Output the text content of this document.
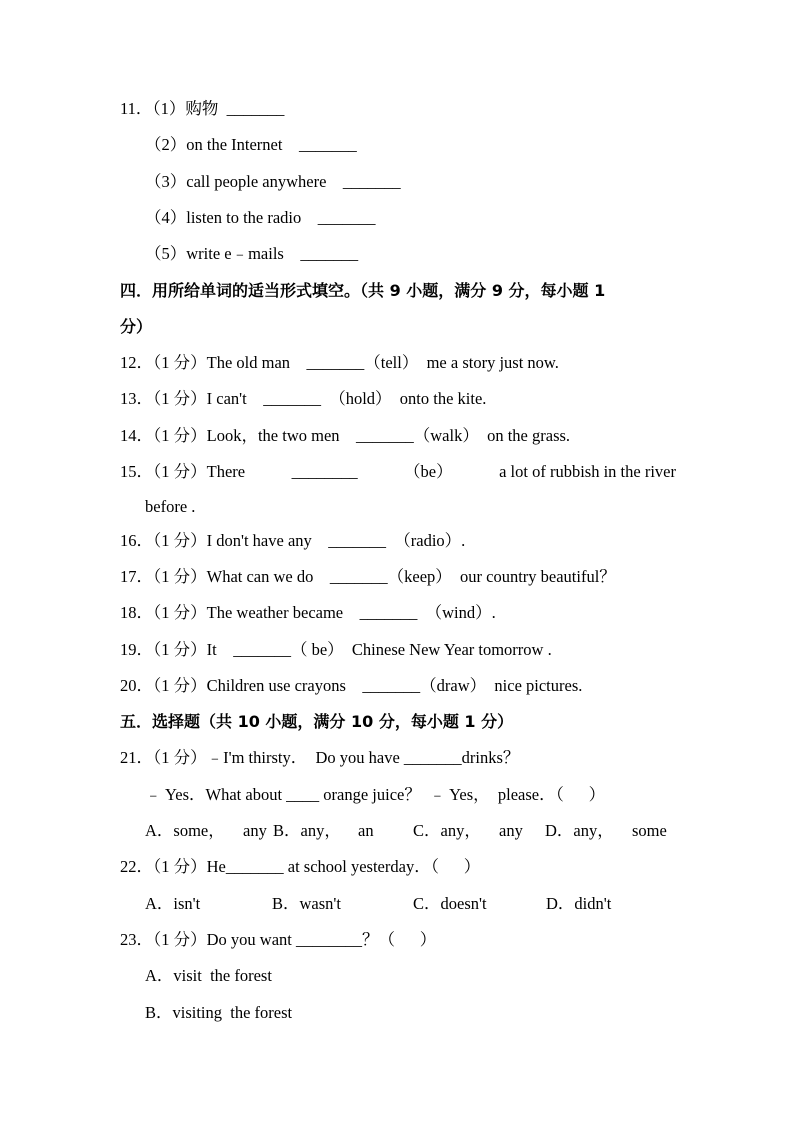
11．（1）购物  _______
（2）on the Internet    _______
（3）call people anywhere    _______
（4）listen to the radio    _______
（5）write e﹣mails    _______
四．用所给单词的适当形式填空。（共 9 小题，满分 9 分，每小题 1
分）
12．（1 分）The old man    _______（tell）  me a story just now.
13．（1 分）I can't    _______  （hold）  onto the kite.
14．（1 分）Look，the two men    _______（walk）  on the grass.
15．（1 分）There	________	（be）	a lot of rubbish in the river
before .
16．（1 分）I don't have any    _______  （radio）.
17．（1 分）What can we do    _______（keep）  our country beautiful？
18．（1 分）The weather became    _______  （wind）.
19．（1 分）It    _______（ be）  Chinese New Year tomorrow .
20．（1 分）Children use crayons    _______（draw）  nice pictures.
五．选择题（共 10 小题，满分 10 分，每小题 1 分）
21．（1 分）﹣I'm thirsty．  Do you have _______drinks？
﹣ Yes．What about ____ orange juice？  ﹣ Yes，  please．（      ）
A．some， any B．any， an C．any， any D．any， some
22．（1 分）He_______ at school yesterday．（      ）
A．isn't	B．wasn't	C．doesn't	D．didn't
23．（1 分）Do you want ________？（      ）
A．visit  the forest
B．visiting  the forest
